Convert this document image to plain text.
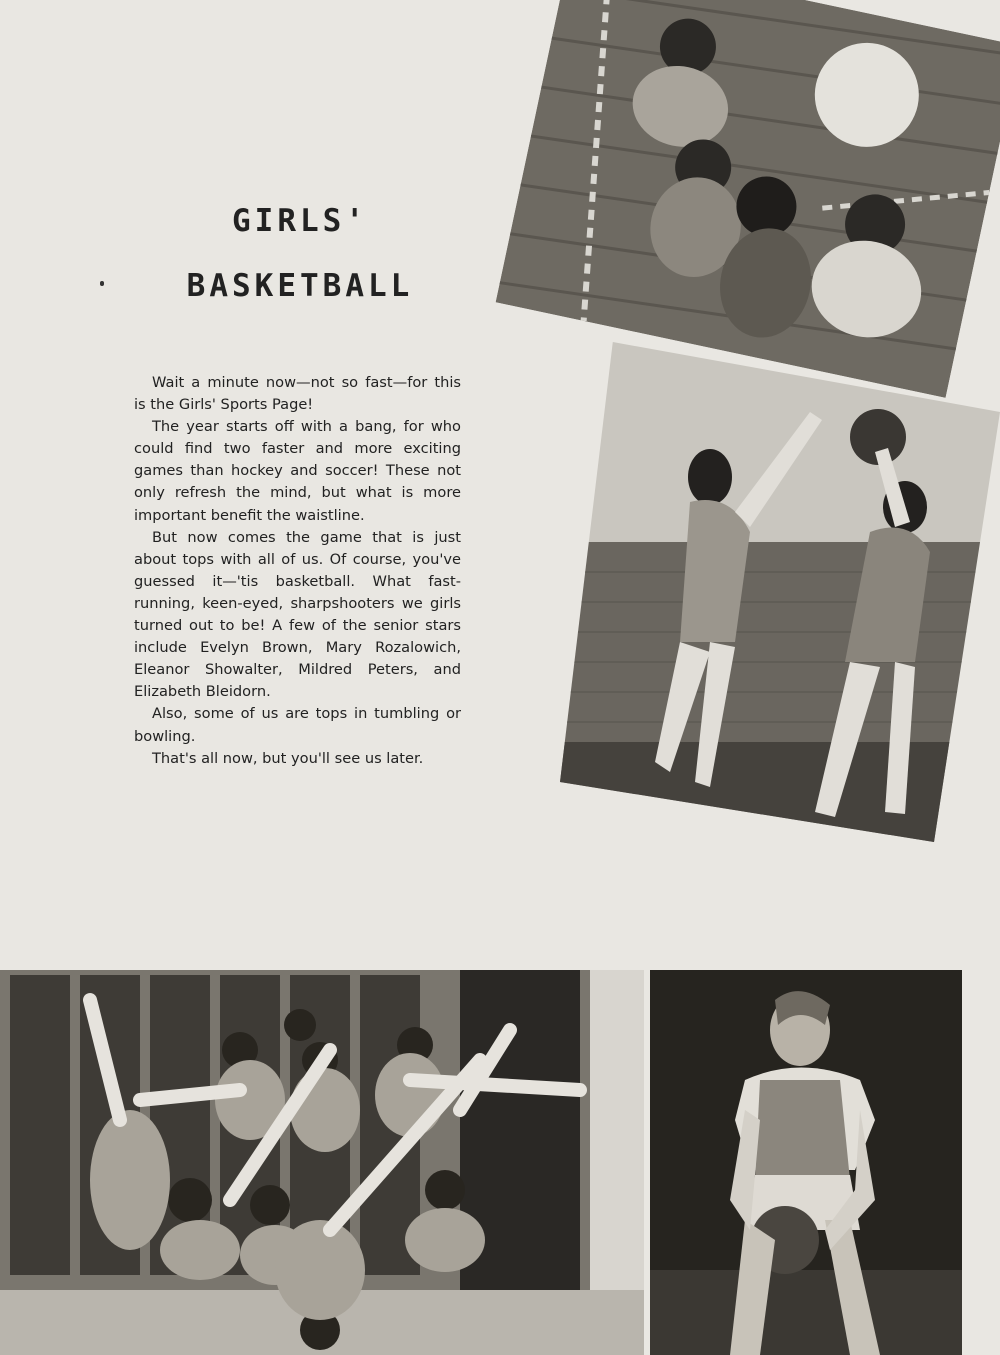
GIRLS'
BASKETBALL

Wait a minute now—not so fast—for this is the Girls' Sports Page!

The year starts off with a bang, for who could find two faster and more exciting games than hockey and soccer! These not only refresh the mind, but what is more important benefit the waistline.

But now comes the game that is just about tops with all of us. Of course, you've guessed it—'tis basketball. What fast-running, keen-eyed, sharpshooters we girls turned out to be! A few of the senior stars include Evelyn Brown, Mary Rozalowich, Eleanor Showalter, Mildred Peters, and Elizabeth Bleidorn.

Also, some of us are tops in tumbling or bowling.

That's all now, but you'll see us later.
